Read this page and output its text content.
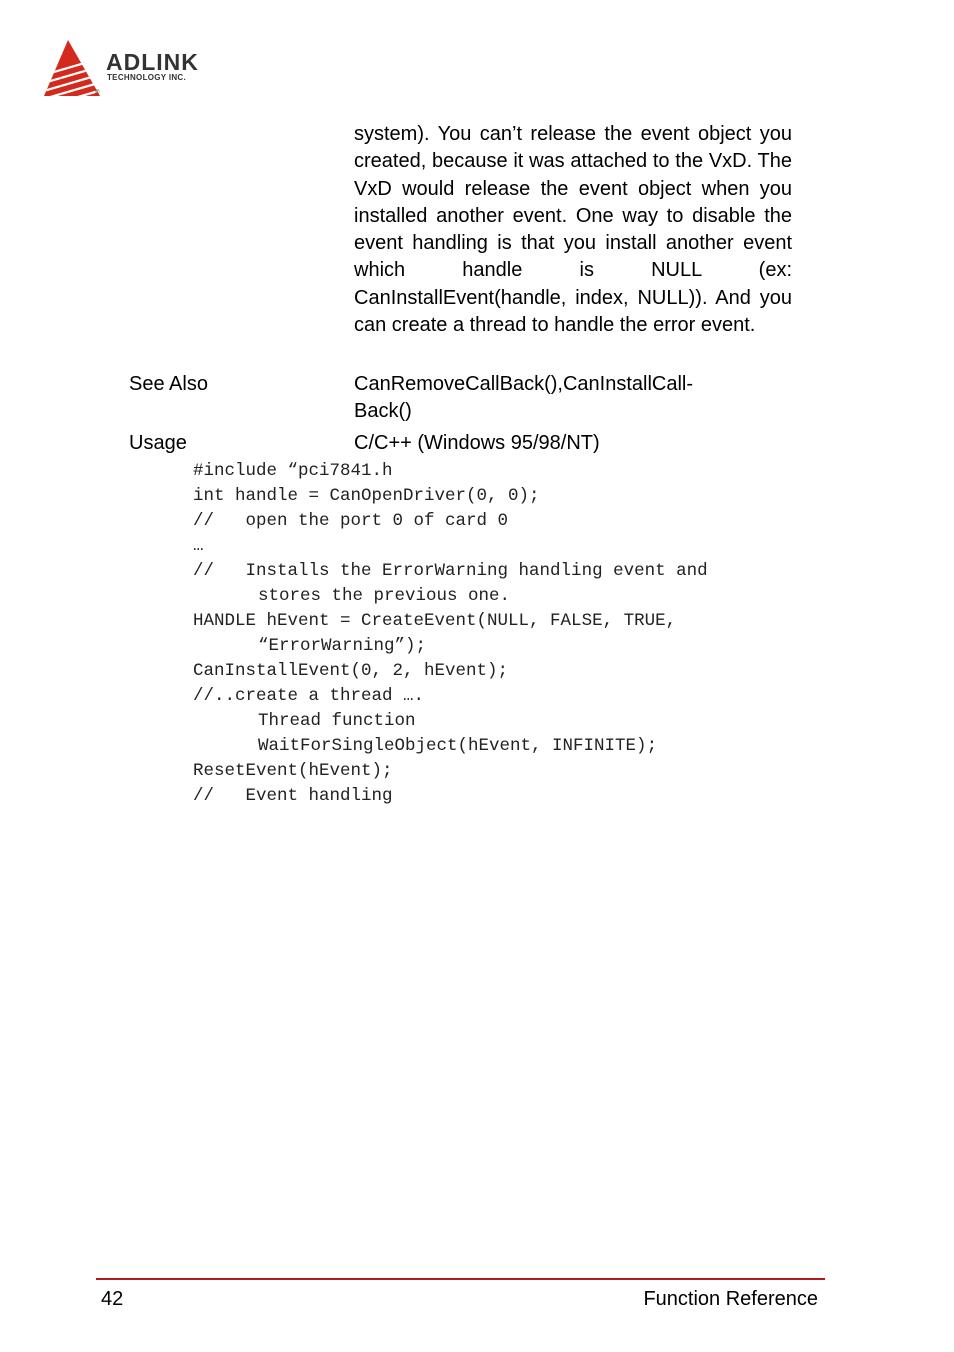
ADLINK
TECHNOLOGY INC.
®
system). You can’t release the event object you created, because it was attached to the VxD. The VxD would release the event object when you installed another event. One way to disable the event handling is that you install another event which handle is NULL (ex: CanInstallEvent(handle, index, NULL)). And you can create a thread to handle the error event.
See Also	CanRemoveCallBack(),CanInstallCall-
Back()
Usage	C/C++ (Windows 95/98/NT)
#include “pci7841.h
int handle = CanOpenDriver(0, 0);
//   open the port 0 of card 0
…
//   Installs the ErrorWarning handling event and
stores the previous one.
HANDLE hEvent = CreateEvent(NULL, FALSE, TRUE,
“ErrorWarning”);
CanInstallEvent(0, 2, hEvent);
//..create a thread ….
Thread function
WaitForSingleObject(hEvent, INFINITE);
ResetEvent(hEvent);
//   Event handling
42	Function Reference
